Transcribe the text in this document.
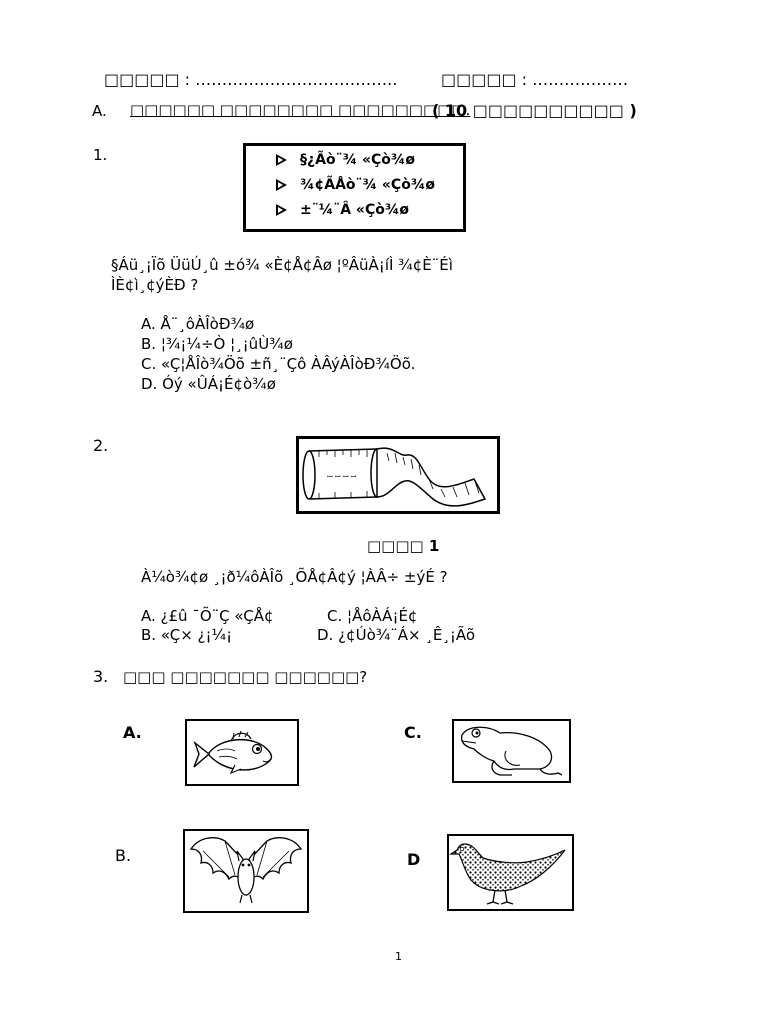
□□□□□ : ………………………………..	□□□□□ : ………………
A. □□□□□□ □□□□□□□□ □□□□□□□□□.
( 10 □□□□□□□□□□ )
1.	§¿Ãò¨¾ «Çò¾ø
¾¢ÃÅò¨¾ «Çò¾ø
±¨¼¨Â «Çò¾ø
§Áü¸¡Ïõ ÜüÚ¸û ±ó¾ «È¢Å¢Âø ¦ºÂüÀ¡íÌ ¾¢È¨Éì
ÌÈ¢ì¸¢ýÈÐ ?
A. Å¨¸ôÀÎòÐ¾ø
B. ¦¾¡¼÷Ò ¦¸¡ûÙ¾ø
C. «Ç¦ÅÎò¾Öõ ±ñ¸¨Çô ÀÂýÀÎòÐ¾Öõ.
D. Óý «ÛÁ¡É¢ò¾ø
2.
ꟷ ꟷ ꟷ ꟷ
□□□□ 1
À¼ò¾¢ø ¸¡ð¼ôÀÎõ ¸ÕÅ¢Â¢ý ¦ÀÂ÷ ±ýÉ ?
A. ¿£û ¯Õ¨Ç «ÇÅ¢	C. ¦ÅôÀÁ¡É¢
B. «Ç× ¿¡¼¡	D. ¿¢Úò¾¨Á× ¸Ê¸¡Ãõ
3. □□□ □□□□□□□ □□□□□□?
A.	C.
B.	D
1
